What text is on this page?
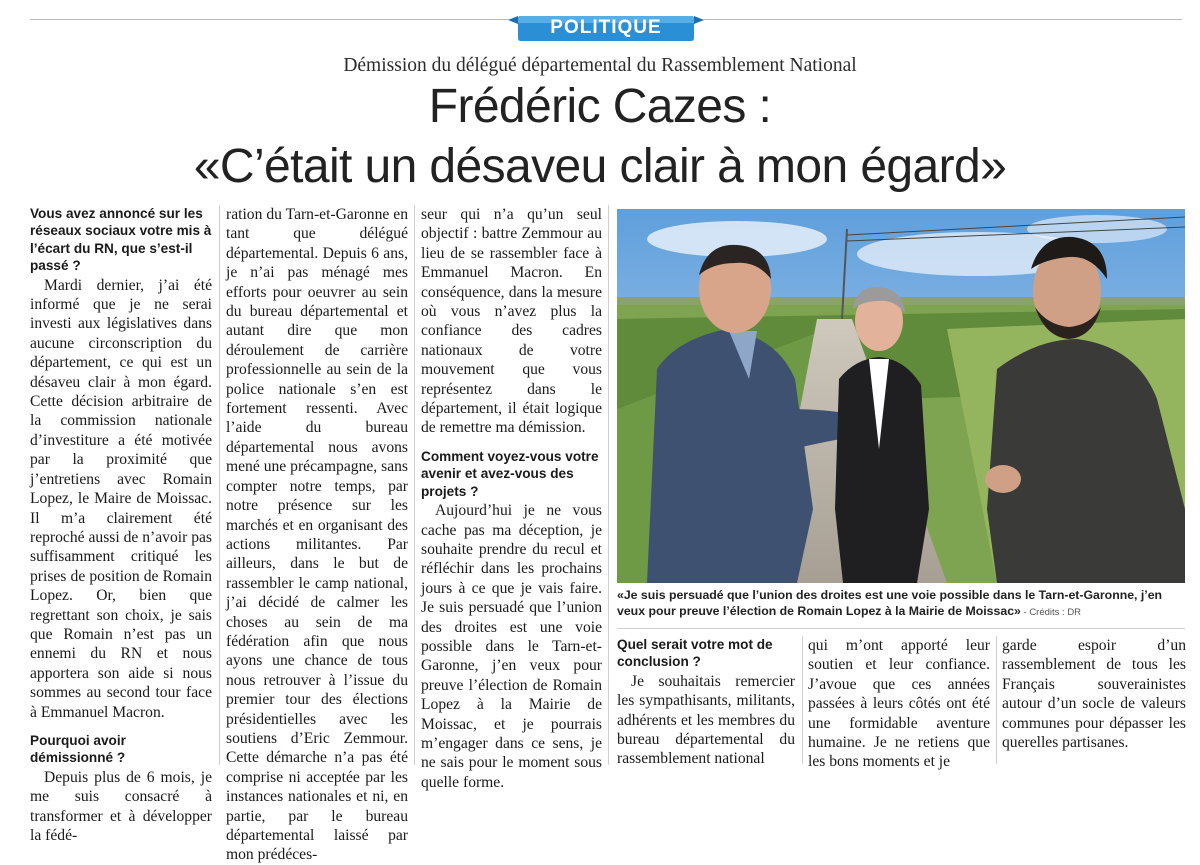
POLITIQUE
Démission du délégué départemental du Rassemblement National
Frédéric Cazes :
«C’était un désaveu clair à mon égard»
Vous avez annoncé sur les réseaux sociaux votre mis à l’écart du RN, que s’est-il passé ?

Mardi dernier, j’ai été informé que je ne serai investi aux législatives dans aucune circonscription du département, ce qui est un désaveu clair à mon égard. Cette décision arbitraire de la commission nationale d’investiture a été motivée par la proximité que j’entretiens avec Romain Lopez, le Maire de Moissac. Il m’a clairement été reproché aussi de n’avoir pas suffisamment critiqué les prises de position de Romain Lopez. Or, bien que regrettant son choix, je sais que Romain n’est pas un ennemi du RN et nous apportera son aide si nous sommes au second tour face à Emmanuel Macron.

Pourquoi avoir démissionné ?

Depuis plus de 6 mois, je me suis consacré à transformer et à développer la fédé-

ration du Tarn-et-Garonne en tant que délégué départemental. Depuis 6 ans, je n’ai pas ménagé mes efforts pour oeuvrer au sein du bureau départemental et autant dire que mon déroulement de carrière professionnelle au sein de la police nationale s’en est fortement ressenti. Avec l’aide du bureau départemental nous avons mené une précampagne, sans compter notre temps, par notre présence sur les marchés et en organisant des actions militantes. Par ailleurs, dans le but de rassembler le camp national, j’ai décidé de calmer les choses au sein de ma fédération afin que nous ayons une chance de tous nous retrouver à l’issue du premier tour des élections présidentielles avec les soutiens d’Eric Zemmour. Cette démarche n’a pas été comprise ni acceptée par les instances nationales et ni, en partie, par le bureau départemental laissé par mon prédéces-

seur qui n’a qu’un seul objectif : battre Zemmour au lieu de se rassembler face à Emmanuel Macron. En conséquence, dans la mesure où vous n’avez plus la confiance des cadres nationaux de votre mouvement que vous représentez dans le département, il était logique de remettre ma démission.

Comment voyez-vous votre avenir et avez-vous des projets ?

Aujourd’hui je ne vous cache pas ma déception, je souhaite prendre du recul et réfléchir dans les prochains jours à ce que je vais faire. Je suis persuadé que l’union des droites est une voie possible dans le Tarn-et-Garonne, j’en veux pour preuve l’élection de Romain Lopez à la Mairie de Moissac, et je pourrais m’engager dans ce sens, je ne sais pour le moment sous quelle forme.

«Je suis persuadé que l’union des droites est une voie possible dans le Tarn-et-Garonne, j’en veux pour preuve l’élection de Romain Lopez à la Mairie de Moissac» - Crédits : DR
Quel serait votre mot de conclusion ?

Je souhaitais remercier les sympathisants, militants, adhérents et les membres du bureau départemental du rassemblement national

qui m’ont apporté leur soutien et leur confiance. J’avoue que ces années passées à leurs côtés ont été une formidable aventure humaine. Je ne retiens que les bons moments et je

garde espoir d’un rassemblement de tous les Français souverainistes autour d’un socle de valeurs communes pour dépasser les querelles partisanes.
